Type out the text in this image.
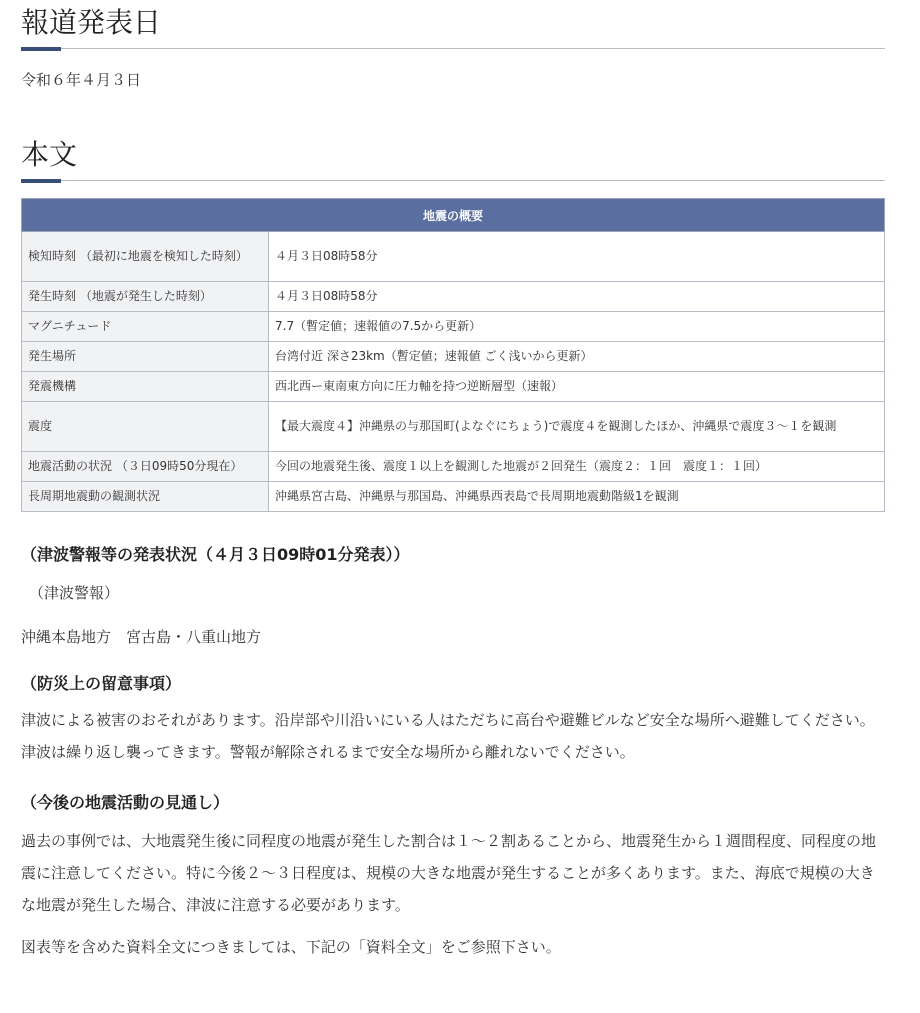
報道発表日

令和６年４月３日

本文
地震の概要	
検知時刻 （最初に地震を検知した時刻）	４月３日08時58分
発生時刻 （地震が発生した時刻）	４月３日08時58分
マグニチュード	7.7（暫定値；速報値の7.5から更新）
発生場所	台湾付近 深さ23km（暫定値；速報値 ごく浅いから更新）
発震機構	西北西ー東南東方向に圧力軸を持つ逆断層型（速報）
震度	【最大震度４】沖縄県の与那国町(よなぐにちょう)で震度４を観測したほか、沖縄県で震度３～１を観測
地震活動の状況 （３日09時50分現在）	今回の地震発生後、震度１以上を観測した地震が２回発生（震度２：１回　震度１：１回）
長周期地震動の観測状況	沖縄県宮古島、沖縄県与那国島、沖縄県西表島で長周期地震動階級1を観測

（津波警報等の発表状況（４月３日09時01分発表））

（津波警報）

沖縄本島地方　宮古島・八重山地方

（防災上の留意事項）

津波による被害のおそれがあります。沿岸部や川沿いにいる人はただちに高台や避難ビルなど安全な場所へ避難してください。津波は繰り返し襲ってきます。警報が解除されるまで安全な場所から離れないでください。

（今後の地震活動の見通し）

過去の事例では、大地震発生後に同程度の地震が発生した割合は１～２割あることから、地震発生から１週間程度、同程度の地震に注意してください。特に今後２～３日程度は、規模の大きな地震が発生することが多くあります。また、海底で規模の大きな地震が発生した場合、津波に注意する必要があります。

図表等を含めた資料全文につきましては、下記の「資料全文」をご参照下さい。
